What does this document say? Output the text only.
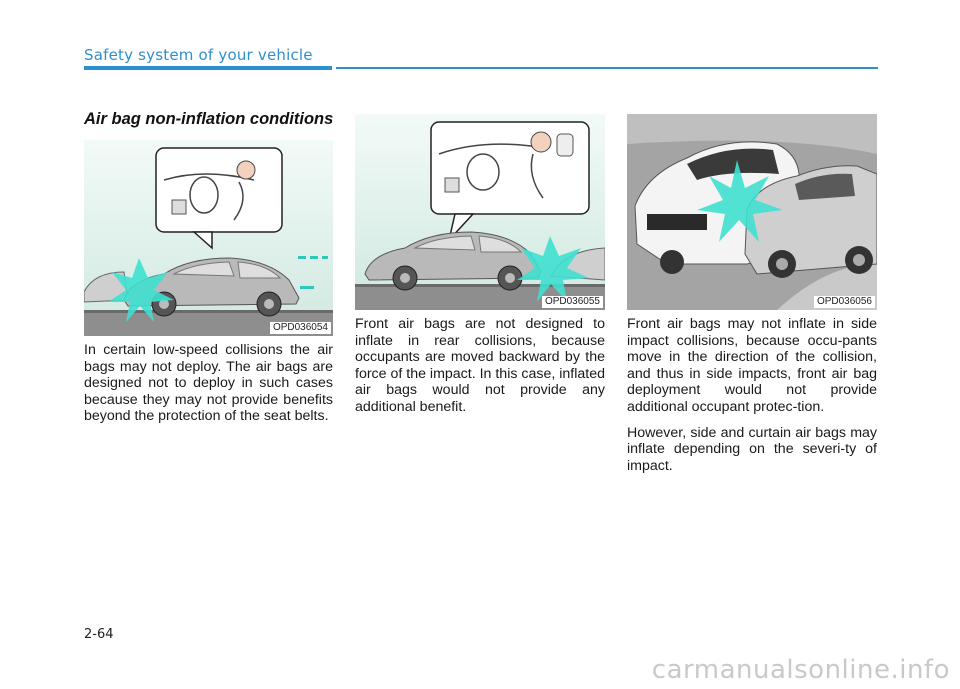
Safety system of your vehicle
Air bag non-inflation conditions
OPD036054
OPD036055	OPD036056

In certain low-speed collisions the air bags may not deploy. The air bags are designed not to deploy in such cases because they may not provide benefits beyond the protection of the seat belts.

Front air bags are not designed to inflate in rear collisions, because occupants are moved backward by the force of the impact. In this case, inflated air bags would not provide any additional benefit.

Front air bags may not inflate in side impact collisions, because occu-pants move in the direction of the collision, and thus in side impacts, front air bag deployment would not provide additional occupant protec-tion.

However, side and curtain air bags may inflate depending on the severi-ty of impact.

2-64
carmanualsonline.info
